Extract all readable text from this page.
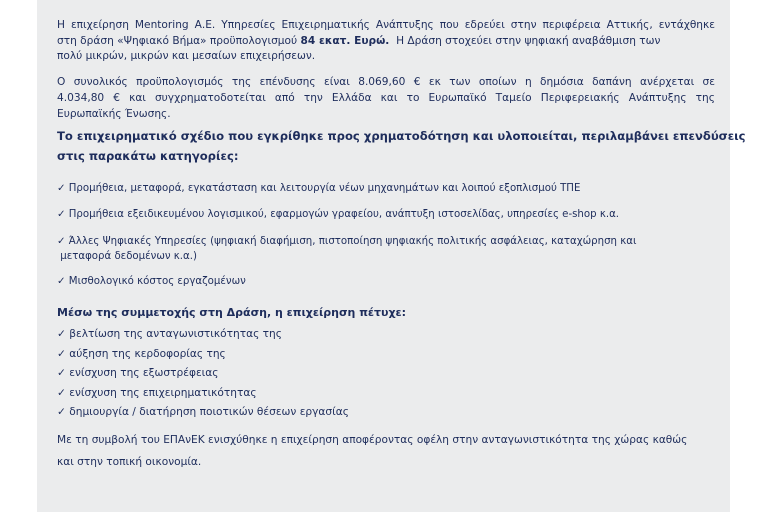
Η επιχείρηση Mentoring Α.Ε. Υπηρεσίες Επιχειρηματικής Ανάπτυξης που εδρεύει στην περιφέρεια Αττικής, εντάχθηκε
στη δράση «Ψηφιακό Βήμα» προϋπολογισμού 84 εκατ. Ευρώ.  Η Δράση στοχεύει στην ψηφιακή αναβάθμιση των
πολύ μικρών, μικρών και μεσαίων επιχειρήσεων.
Ο συνολικός προϋπολογισμός της επένδυσης είναι 8.069,60 € εκ των οποίων η δημόσια δαπάνη ανέρχεται σε
4.034,80 € και συγχρηματοδοτείται από την Ελλάδα και το Ευρωπαϊκό Ταμείο Περιφερειακής Ανάπτυξης της
Ευρωπαϊκής Ένωσης.
Το επιχειρηματικό σχέδιο που εγκρίθηκε προς χρηματοδότηση και υλοποιείται, περιλαμβάνει επενδύσεις
στις παρακάτω κατηγορίες:
✓ Προμήθεια, μεταφορά, εγκατάσταση και λειτουργία νέων μηχανημάτων και λοιπού εξοπλισμού ΤΠΕ
✓ Προμήθεια εξειδικευμένου λογισμικού, εφαρμογών γραφείου, ανάπτυξη ιστοσελίδας, υπηρεσίες e-shop κ.α.
✓ Άλλες Ψηφιακές Υπηρεσίες (ψηφιακή διαφήμιση, πιστοποίηση ψηφιακής πολιτικής ασφάλειας, καταχώρηση και
μεταφορά δεδομένων κ.α.)
✓ Μισθολογικό κόστος εργαζομένων
Μέσω της συμμετοχής στη Δράση, η επιχείρηση πέτυχε:
✓ βελτίωση της ανταγωνιστικότητας της
✓ αύξηση της κερδοφορίας της
✓ ενίσχυση της εξωστρέφειας
✓ ενίσχυση της επιχειρηματικότητας
✓ δημιουργία / διατήρηση ποιοτικών θέσεων εργασίας
Με τη συμβολή του ΕΠΑνΕΚ ενισχύθηκε η επιχείρηση αποφέροντας οφέλη στην ανταγωνιστικότητα της χώρας καθώς
και στην τοπική οικονομία.
